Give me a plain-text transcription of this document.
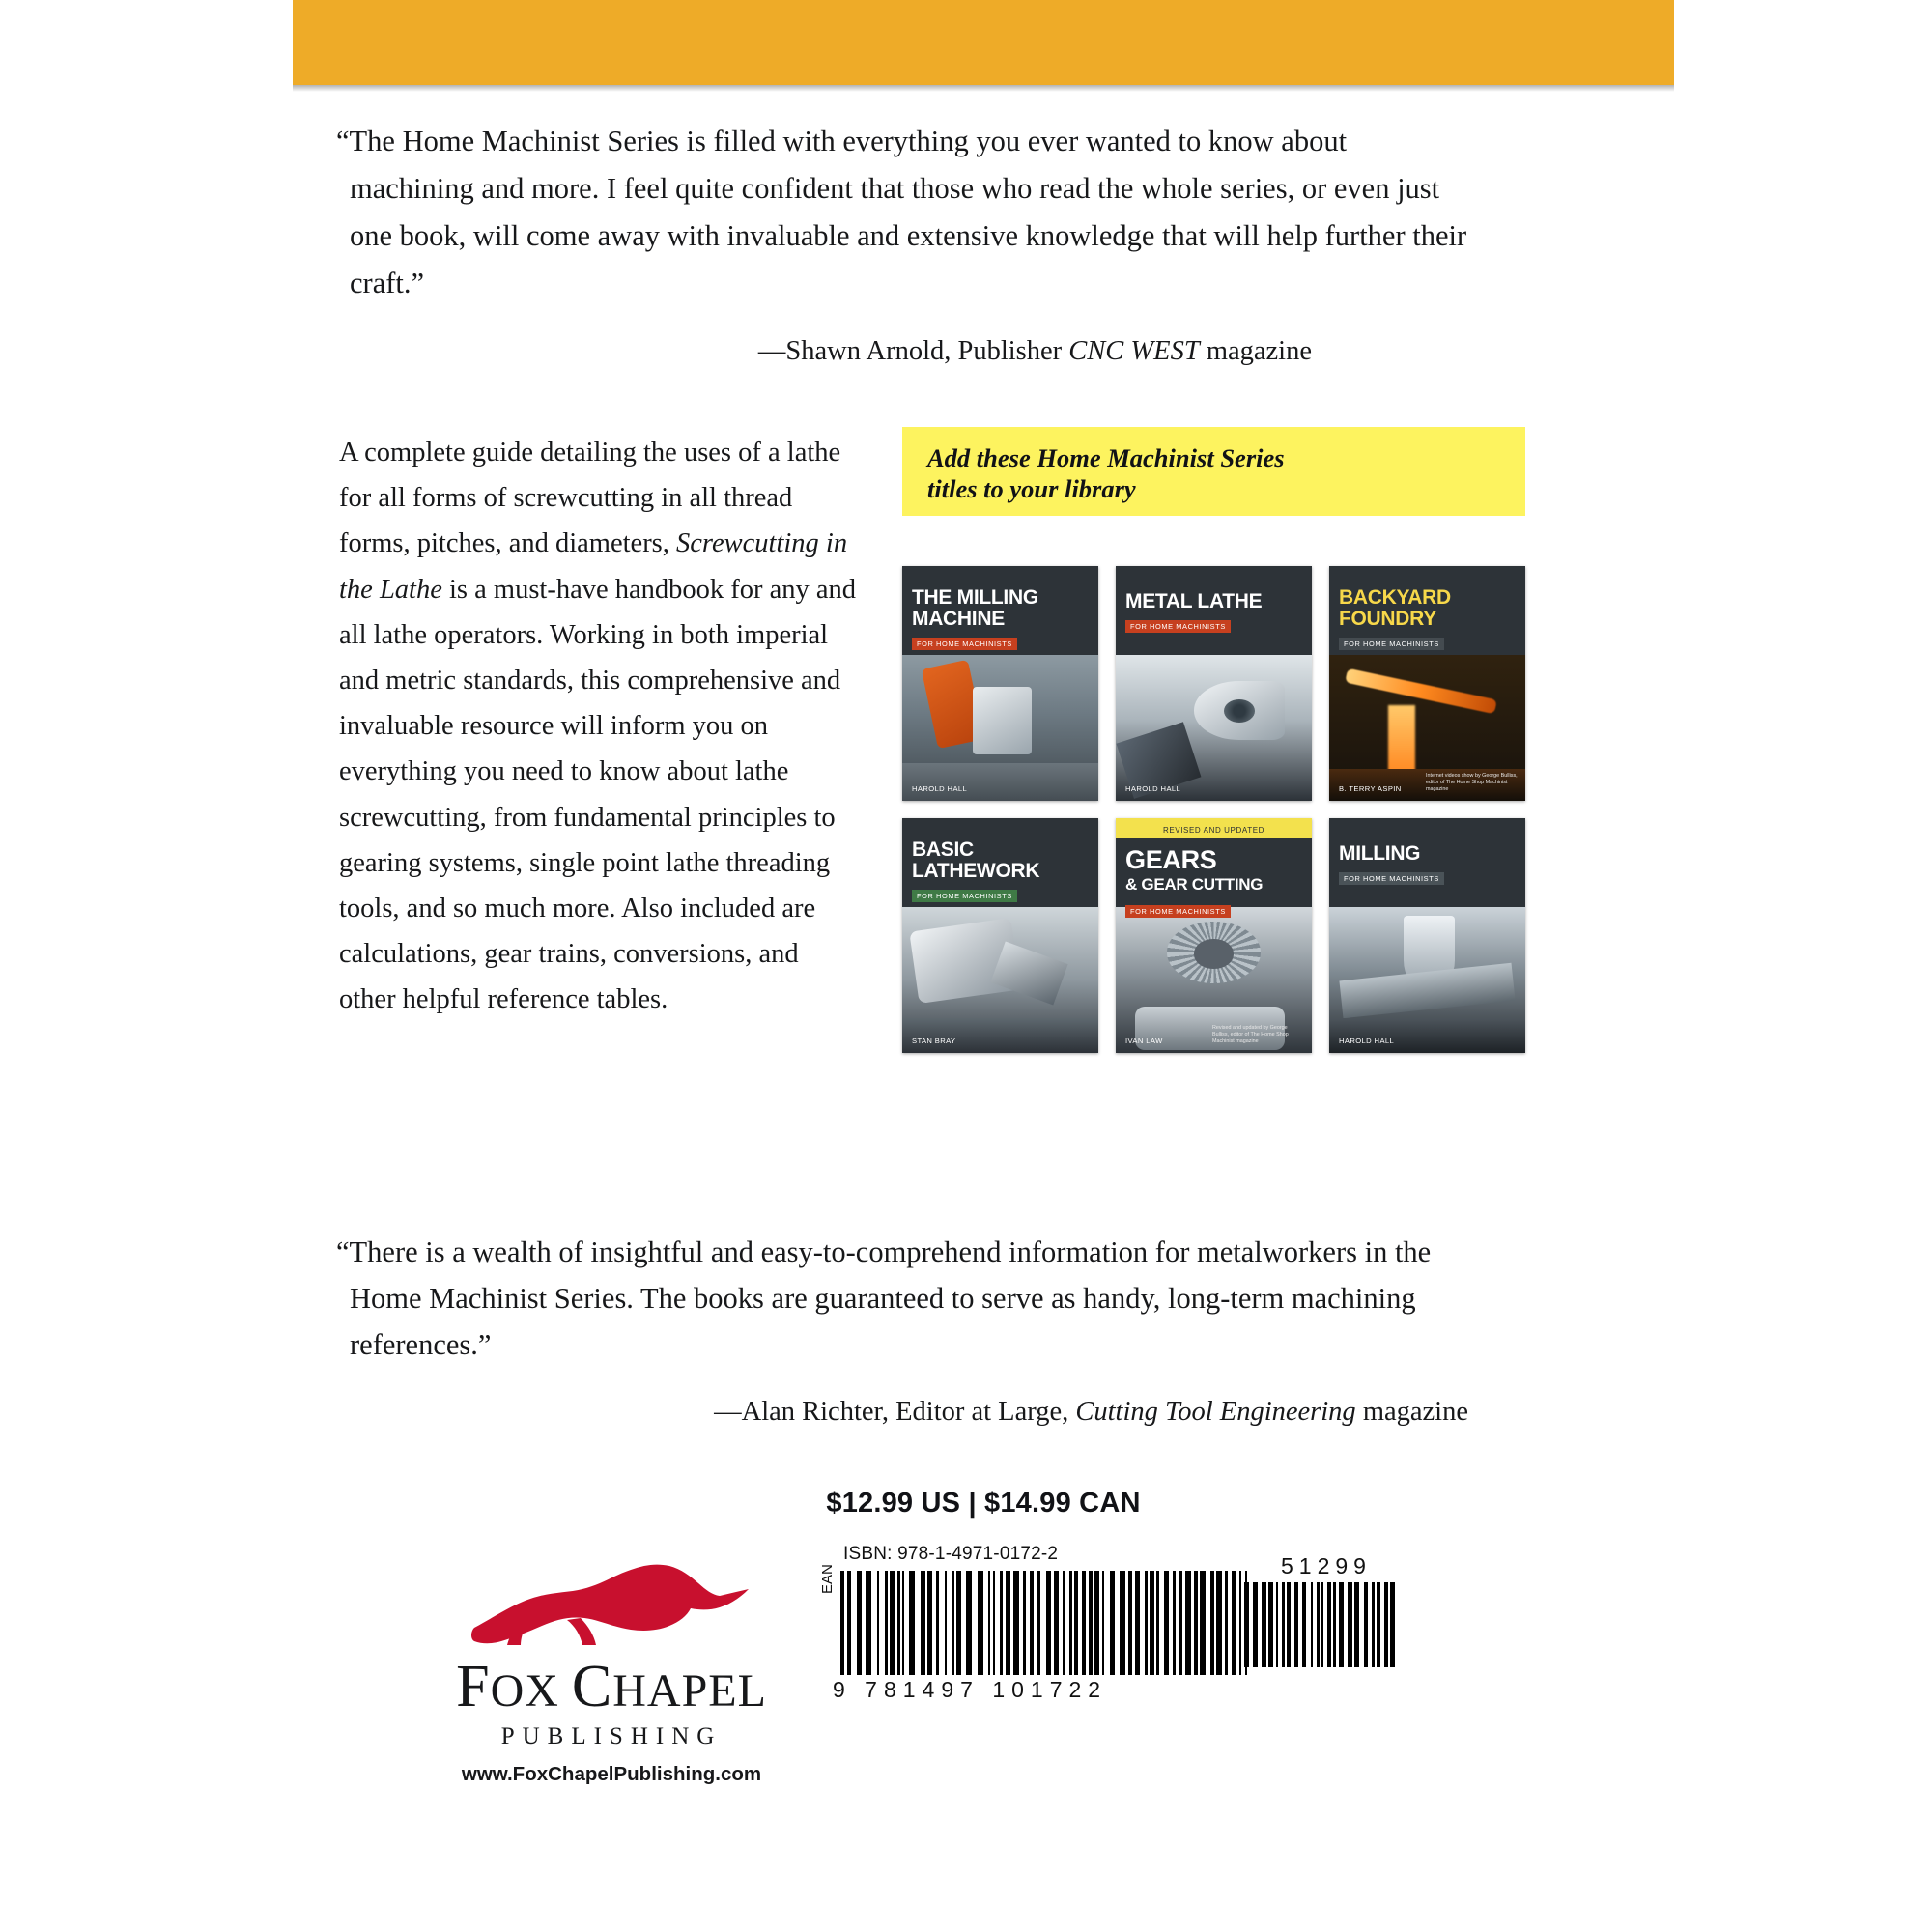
“The Home Machinist Series is filled with everything you ever wanted to know about machining and more. I feel quite confident that those who read the whole series, or even just one book, will come away with invaluable and extensive knowledge that will help further their craft.”
—Shawn Arnold, Publisher CNC WEST magazine
A complete guide detailing the uses of a lathe for all forms of screwcutting in all thread forms, pitches, and diameters, Screwcutting in the Lathe is a must-have handbook for any and all lathe operators. Working in both imperial and metric standards, this comprehensive and invaluable resource will inform you on everything you need to know about lathe screwcutting, from fundamental principles to gearing systems, single point lathe threading tools, and so much more. Also included are calculations, gear trains, conversions, and other helpful reference tables.
Add these Home Machinist Series
titles to your library
THE MILLING
MACHINE
FOR HOME MACHINISTS
HAROLD HALL
METAL LATHE
FOR HOME MACHINISTS
HAROLD HALL
BACKYARD
FOUNDRY
FOR HOME MACHINISTS
B. TERRY ASPIN
Internet videos show by George Bulliss, editor of The Home Shop Machinist magazine
BASIC
LATHEWORK
FOR HOME MACHINISTS
STAN BRAY
REVISED AND UPDATED
GEARS
& GEAR CUTTING
FOR HOME MACHINISTS
IVAN LAW
Revised and updated by George Bulliss, editor of The Home Shop Machinist magazine
MILLING
FOR HOME MACHINISTS
HAROLD HALL
“There is a wealth of insightful and easy-to-comprehend information for metalworkers in the Home Machinist Series. The books are guaranteed to serve as handy, long-term machining references.”
—Alan Richter, Editor at Large, Cutting Tool Engineering magazine
$12.99 US | $14.99 CAN
FOX CHAPEL
PUBLISHING
www.FoxChapelPublishing.com
ISBN: 978-1-4971-0172-2
EAN
9 781497 101722
51299
